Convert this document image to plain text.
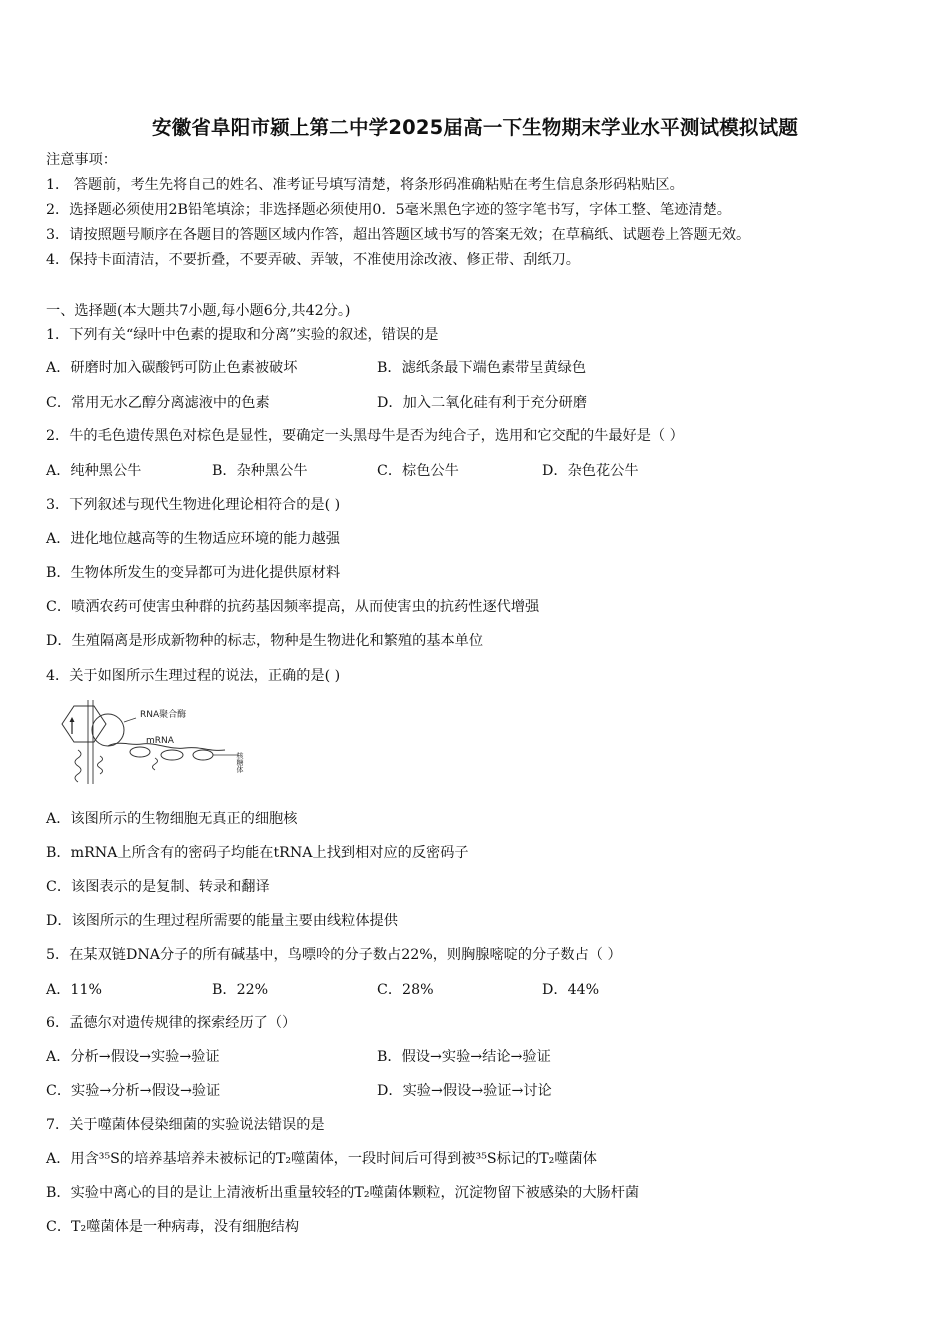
安徽省阜阳市颍上第二中学2025届高一下生物期末学业水平测试模拟试题
注意事项：
1． 答题前，考生先将自己的姓名、准考证号填写清楚，将条形码准确粘贴在考生信息条形码粘贴区。
2．选择题必须使用2B铅笔填涂；非选择题必须使用0．5毫米黑色字迹的签字笔书写，字体工整、笔迹清楚。
3．请按照题号顺序在各题目的答题区域内作答，超出答题区域书写的答案无效；在草稿纸、试题卷上答题无效。
4．保持卡面清洁，不要折叠，不要弄破、弄皱，不准使用涂改液、修正带、刮纸刀。
一、选择题(本大题共7小题,每小题6分,共42分。)
1．下列有关“绿叶中色素的提取和分离”实验的叙述，错误的是
A．研磨时加入碳酸钙可防止色素被破坏	B．滤纸条最下端色素带呈黄绿色
C．常用无水乙醇分离滤液中的色素	D．加入二氧化硅有利于充分研磨
2．牛的毛色遗传黑色对棕色是显性，要确定一头黑母牛是否为纯合子，选用和它交配的牛最好是（ ）
A．纯种黑公牛	B．杂种黑公牛	C．棕色公牛	D．杂色花公牛
3．下列叙述与现代生物进化理论相符合的是( )
A．进化地位越高等的生物适应环境的能力越强
B．生物体所发生的变异都可为进化提供原材料
C．喷洒农药可使害虫种群的抗药基因频率提高，从而使害虫的抗药性逐代增强
D．生殖隔离是形成新物种的标志，物种是生物进化和繁殖的基本单位
4．关于如图所示生理过程的说法，正确的是( )
RNA聚合酶
mRNA
核糖体
A．该图所示的生物细胞无真正的细胞核
B．mRNA上所含有的密码子均能在tRNA上找到相对应的反密码子
C．该图表示的是复制、转录和翻译
D．该图所示的生理过程所需要的能量主要由线粒体提供
5．在某双链DNA分子的所有碱基中，鸟嘌呤的分子数占22%，则胸腺嘧啶的分子数占（ ）
A．11%	B．22%	C．28%	D．44%
6．孟德尔对遗传规律的探索经历了（）
A．分析→假设→实验→验证	B．假设→实验→结论→验证
C．实验→分析→假设→验证	D．实验→假设→验证→讨论
7．关于噬菌体侵染细菌的实验说法错误的是
A．用含³⁵S的培养基培养未被标记的T₂噬菌体，一段时间后可得到被³⁵S标记的T₂噬菌体
B．实验中离心的目的是让上清液析出重量较轻的T₂噬菌体颗粒，沉淀物留下被感染的大肠杆菌
C．T₂噬菌体是一种病毒，没有细胞结构
